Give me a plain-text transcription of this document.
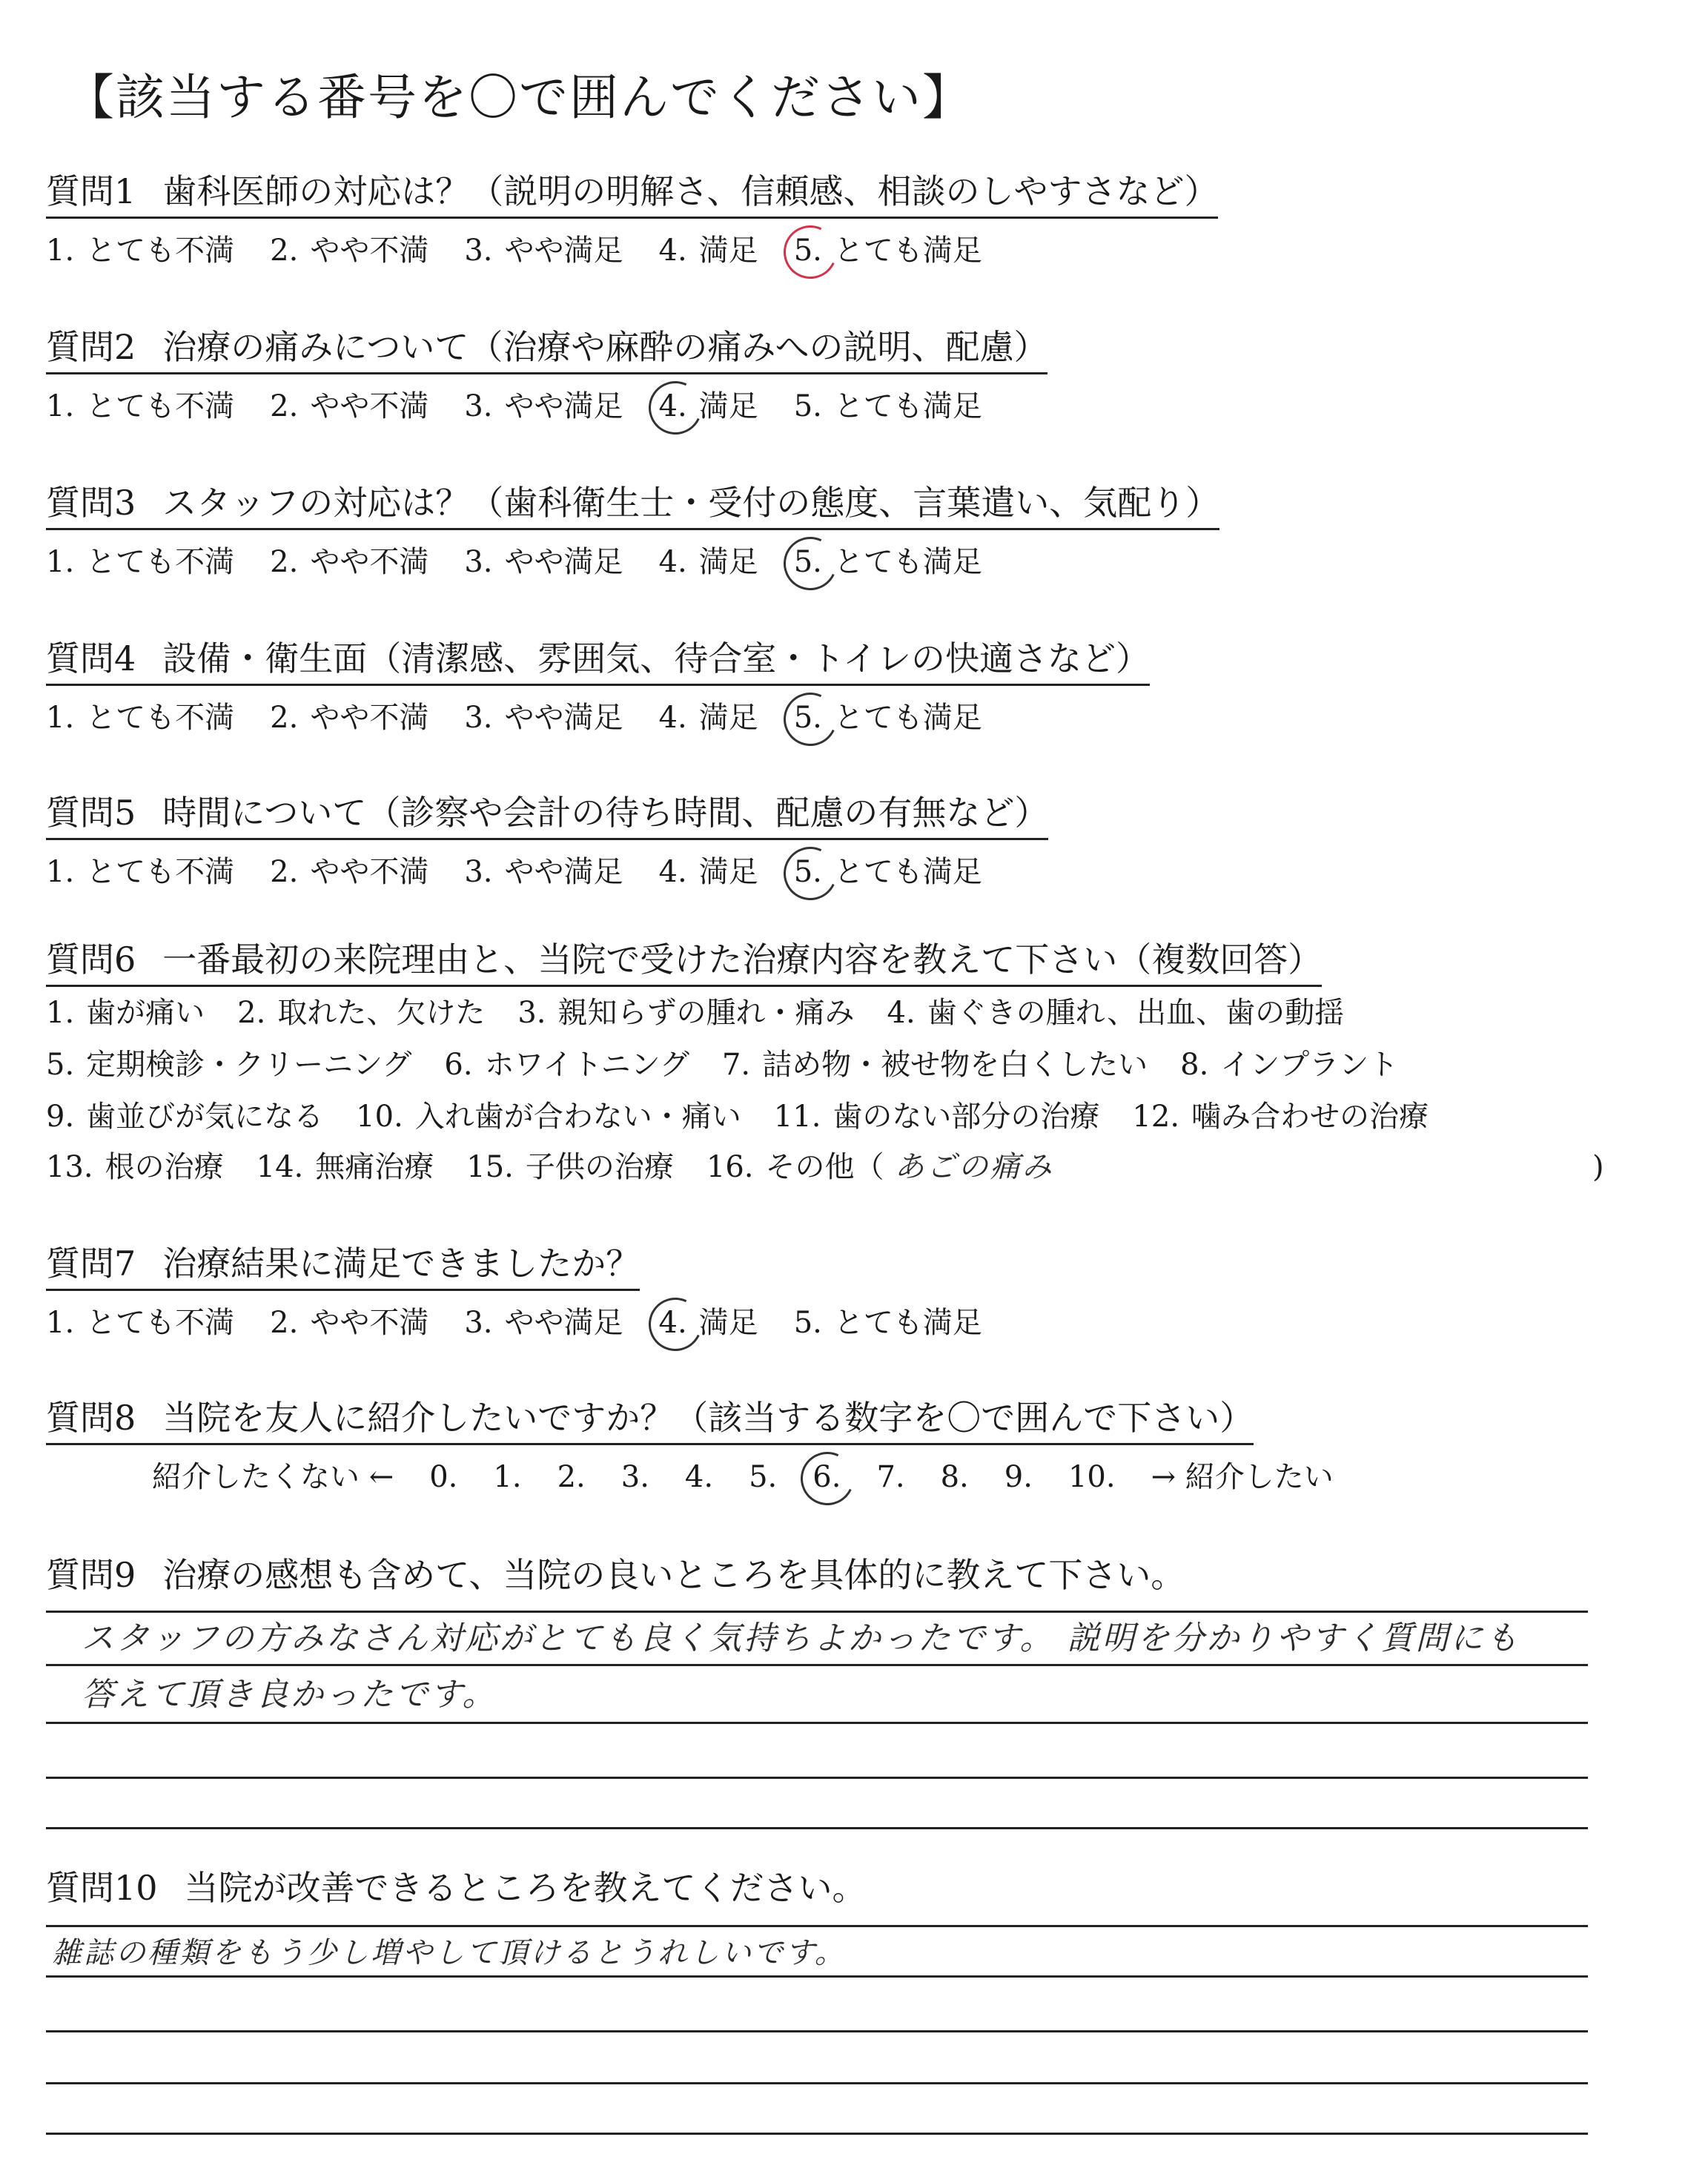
【該当する番号を〇で囲んでください】
質問1 歯科医師の対応は？（説明の明解さ、信頼感、相談のしやすさなど）
1. とても不満 2. やや不満 3. やや満足 4. 満足 5. とても満足
質問2 治療の痛みについて（治療や麻酔の痛みへの説明、配慮）
1. とても不満 2. やや不満 3. やや満足 4. 満足 5. とても満足
質問3 スタッフの対応は？（歯科衛生士・受付の態度、言葉遣い、気配り）
1. とても不満 2. やや不満 3. やや満足 4. 満足 5. とても満足
質問4 設備・衛生面（清潔感、雰囲気、待合室・トイレの快適さなど）
1. とても不満 2. やや不満 3. やや満足 4. 満足 5. とても満足
質問5 時間について（診察や会計の待ち時間、配慮の有無など）
1. とても不満 2. やや不満 3. やや満足 4. 満足 5. とても満足
質問6 一番最初の来院理由と、当院で受けた治療内容を教えて下さい（複数回答）
1. 歯が痛い 2. 取れた、欠けた 3. 親知らずの腫れ・痛み 4. 歯ぐきの腫れ、出血、歯の動揺
5. 定期検診・クリーニング 6. ホワイトニング 7. 詰め物・被せ物を白くしたい 8. インプラント
9. 歯並びが気になる 10. 入れ歯が合わない・痛い 11. 歯のない部分の治療 12. 噛み合わせの治療
13. 根の治療 14. 無痛治療 15. 子供の治療 16. その他（ あごの痛み	)
質問7 治療結果に満足できましたか？
1. とても不満 2. やや不満 3. やや満足 4. 満足 5. とても満足
質問8 当院を友人に紹介したいですか？（該当する数字を〇で囲んで下さい）
紹介したくない ← 0. 1. 2. 3. 4. 5. 6. 7. 8. 9. 10. → 紹介したい
質問9 治療の感想も含めて、当院の良いところを具体的に教えて下さい。
スタッフの方みなさん対応がとても良く気持ちよかったです。 説明を分かりやすく質問にも
答えて頂き良かったです。
質問10 当院が改善できるところを教えてください。
雑誌の種類をもう少し増やして頂けるとうれしいです。
